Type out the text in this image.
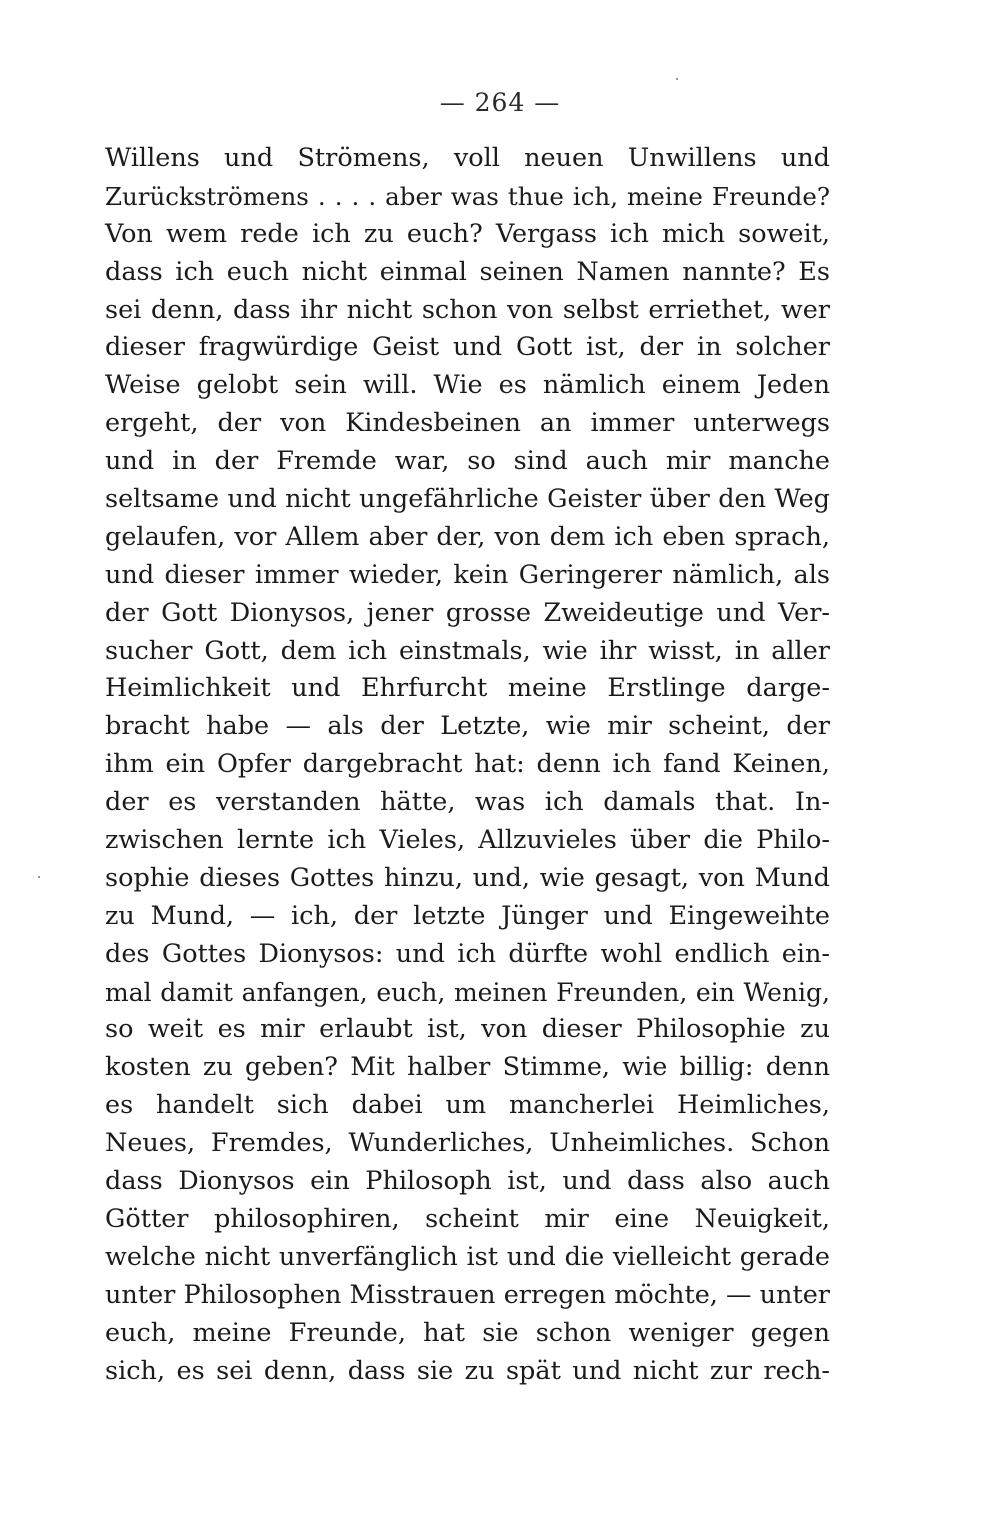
— 264 —
Willens und Strömens, voll neuen Unwillens und
Zurückströmens . . . . aber was thue ich, meine Freunde?
Von wem rede ich zu euch? Vergass ich mich soweit,
dass ich euch nicht einmal seinen Namen nannte? Es
sei denn, dass ihr nicht schon von selbst erriethet, wer
dieser fragwürdige Geist und Gott ist, der in solcher
Weise gelobt sein will. Wie es nämlich einem Jeden
ergeht, der von Kindesbeinen an immer unterwegs
und in der Fremde war, so sind auch mir manche
seltsame und nicht ungefährliche Geister über den Weg
gelaufen, vor Allem aber der, von dem ich eben sprach,
und dieser immer wieder, kein Geringerer nämlich, als
der Gott Dionysos, jener grosse Zweideutige und Ver-
sucher Gott, dem ich einstmals, wie ihr wisst, in aller
Heimlichkeit und Ehrfurcht meine Erstlinge darge-
bracht habe — als der Letzte, wie mir scheint, der
ihm ein Opfer dargebracht hat: denn ich fand Keinen,
der es verstanden hätte, was ich damals that. In-
zwischen lernte ich Vieles, Allzuvieles über die Philo-
sophie dieses Gottes hinzu, und, wie gesagt, von Mund
zu Mund, — ich, der letzte Jünger und Eingeweihte
des Gottes Dionysos: und ich dürfte wohl endlich ein-
mal damit anfangen, euch, meinen Freunden, ein Wenig,
so weit es mir erlaubt ist, von dieser Philosophie zu
kosten zu geben? Mit halber Stimme, wie billig: denn
es handelt sich dabei um mancherlei Heimliches,
Neues, Fremdes, Wunderliches, Unheimliches. Schon
dass Dionysos ein Philosoph ist, und dass also auch
Götter philosophiren, scheint mir eine Neuigkeit,
welche nicht unverfänglich ist und die vielleicht gerade
unter Philosophen Misstrauen erregen möchte, — unter
euch, meine Freunde, hat sie schon weniger gegen
sich, es sei denn, dass sie zu spät und nicht zur rech-
